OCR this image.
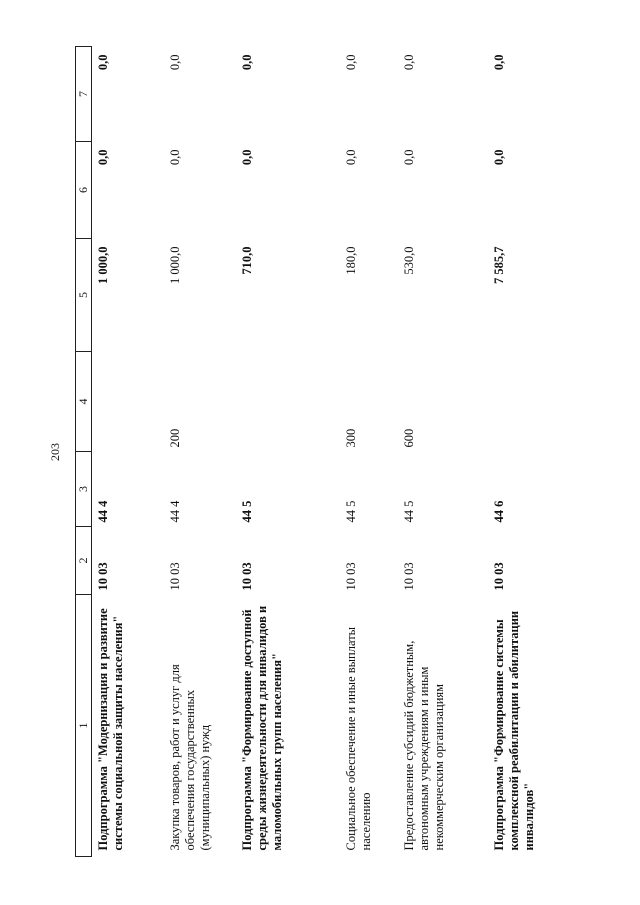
203
1	2	3	4	5	6	7
Подпрограмма "Модернизация и развитие системы социальной защиты населения"	10 03	44 4		1 000,0	0,0	0,0
Закупка товаров, работ и услуг для обеспечения государственных (муниципальных) нужд	10 03	44 4	200	1 000,0	0,0	0,0
Подпрограмма "Формирование доступной среды жизнедеятельности для инвалидов и маломобильных групп населения"	10 03	44 5		710,0	0,0	0,0
Социальное обеспечение и иные выплаты населению	10 03	44 5	300	180,0	0,0	0,0
Предоставление субсидий бюджетным, автономным учреждениям и иным некоммерческим организациям	10 03	44 5	600	530,0	0,0	0,0
Подпрограмма "Формирование системы комплексной реабилитации и абилитации инвалидов"	10 03	44 6		7 585,7	0,0	0,0
